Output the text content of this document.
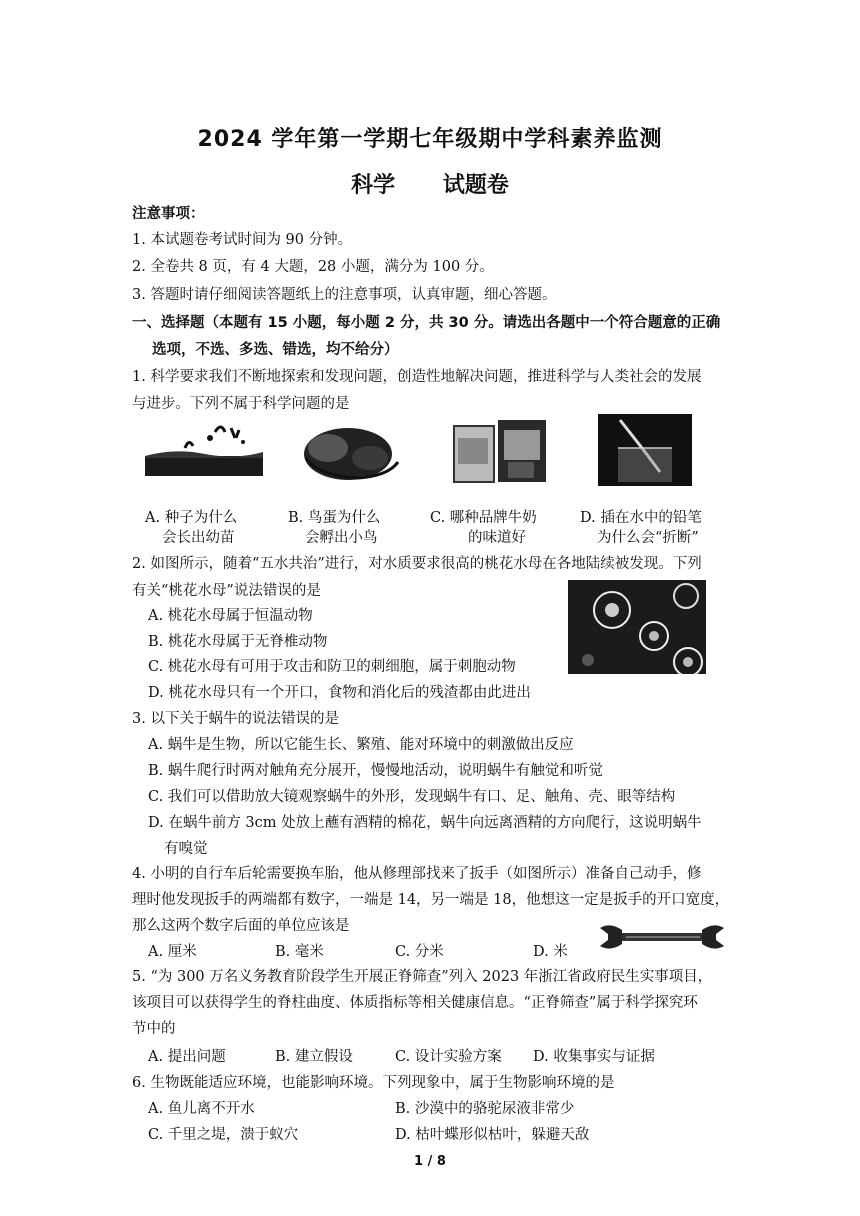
2024 学年第一学期七年级期中学科素养监测
科学 试题卷
注意事项：
1. 本试题卷考试时间为 90 分钟。
2. 全卷共 8 页，有 4 大题，28 小题，满分为 100 分。
3. 答题时请仔细阅读答题纸上的注意事项，认真审题，细心答题。
一、选择题（本题有 15 小题，每小题 2 分，共 30 分。请选出各题中一个符合题意的正确
选项，不选、多选、错选，均不给分）
1. 科学要求我们不断地探索和发现问题，创造性地解决问题，推进科学与人类社会的发展
与进步。下列不属于科学问题的是
A. 种子为什么
会长出幼苗
B. 鸟蛋为什么
会孵出小鸟
C. 哪种品牌牛奶
的味道好
D. 插在水中的铅笔
为什么会“折断”
2. 如图所示，随着“五水共治”进行，对水质要求很高的桃花水母在各地陆续被发现。下列
有关“桃花水母”说法错误的是
A. 桃花水母属于恒温动物
B. 桃花水母属于无脊椎动物
C. 桃花水母有可用于攻击和防卫的刺细胞，属于刺胞动物
D. 桃花水母只有一个开口，食物和消化后的残渣都由此进出
3. 以下关于蜗牛的说法错误的是
A. 蜗牛是生物，所以它能生长、繁殖、能对环境中的刺激做出反应
B. 蜗牛爬行时两对触角充分展开，慢慢地活动，说明蜗牛有触觉和听觉
C. 我们可以借助放大镜观察蜗牛的外形，发现蜗牛有口、足、触角、壳、眼等结构
D. 在蜗牛前方 3cm 处放上蘸有酒精的棉花，蜗牛向远离酒精的方向爬行，这说明蜗牛
有嗅觉
4. 小明的自行车后轮需要换车胎，他从修理部找来了扳手（如图所示）准备自己动手，修
理时他发现扳手的两端都有数字，一端是 14，另一端是 18，他想这一定是扳手的开口宽度，
那么这两个数字后面的单位应该是
A. 厘米	B. 毫米	C. 分米	D. 米
5. “为 300 万名义务教育阶段学生开展正脊筛查”列入 2023 年浙江省政府民生实事项目，
该项目可以获得学生的脊柱曲度、体质指标等相关健康信息。“正脊筛查”属于科学探究环
节中的
A. 提出问题	B. 建立假设	C. 设计实验方案 D. 收集事实与证据
6. 生物既能适应环境，也能影响环境。下列现象中，属于生物影响环境的是
A. 鱼儿离不开水	B. 沙漠中的骆驼尿液非常少
C. 千里之堤，溃于蚁穴	D. 枯叶蝶形似枯叶，躲避天敌
1 / 8
